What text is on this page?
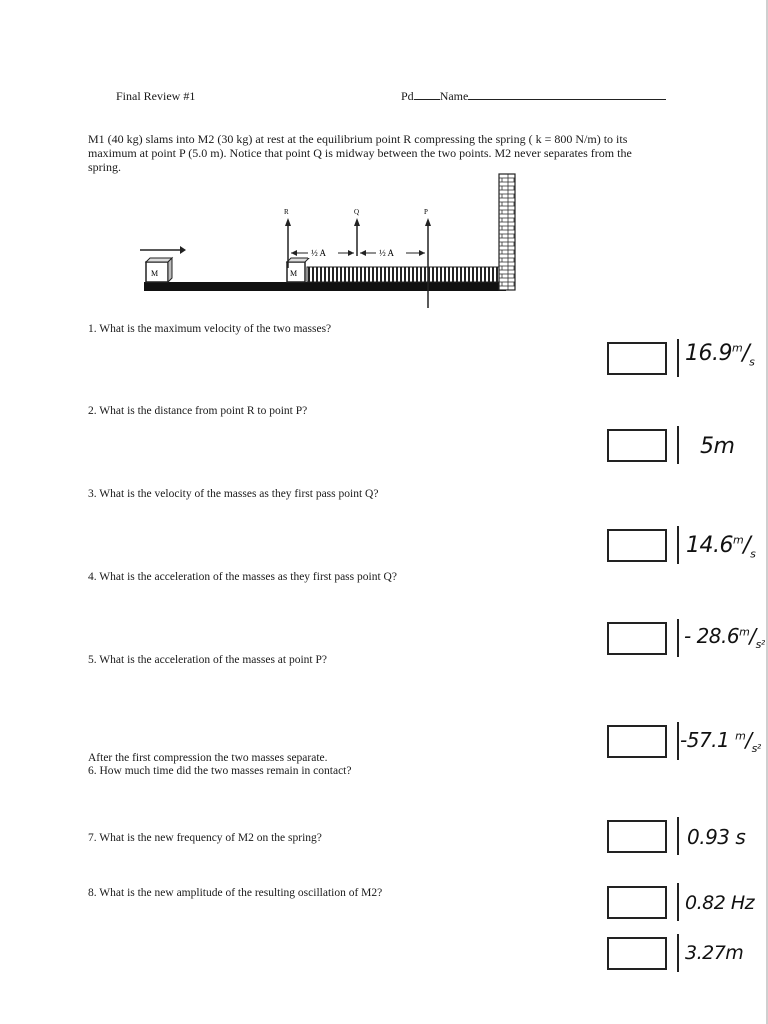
Final Review #1	Pd Name
M1 (40 kg) slams into M2 (30 kg) at rest at the equilibrium point R compressing the spring ( k = 800 N/m) to its
maximum at point P (5.0 m). Notice that point Q is midway between the two points. M2 never separates from the
spring.
M	M
R	Q	P
½ A	½ A
1. What is the maximum velocity of the two masses?
2. What is the distance from point R to point P?
3. What is the velocity of the masses as they first pass point Q?
4. What is the acceleration of the masses as they first pass point Q?
5. What is the acceleration of the masses at point P?
After the first compression the two masses separate.
6. How much time did the two masses remain in contact?
7. What is the new frequency of M2 on the spring?
8. What is the new amplitude of the resulting oscillation of M2?
$16.9^m/_s$
5m
$14.6^m/_s$
- $28.6^m/_{s^2}$
-57.1 $^m/_{s^2}$
0.93 s
0.82 Hz
3.27m
